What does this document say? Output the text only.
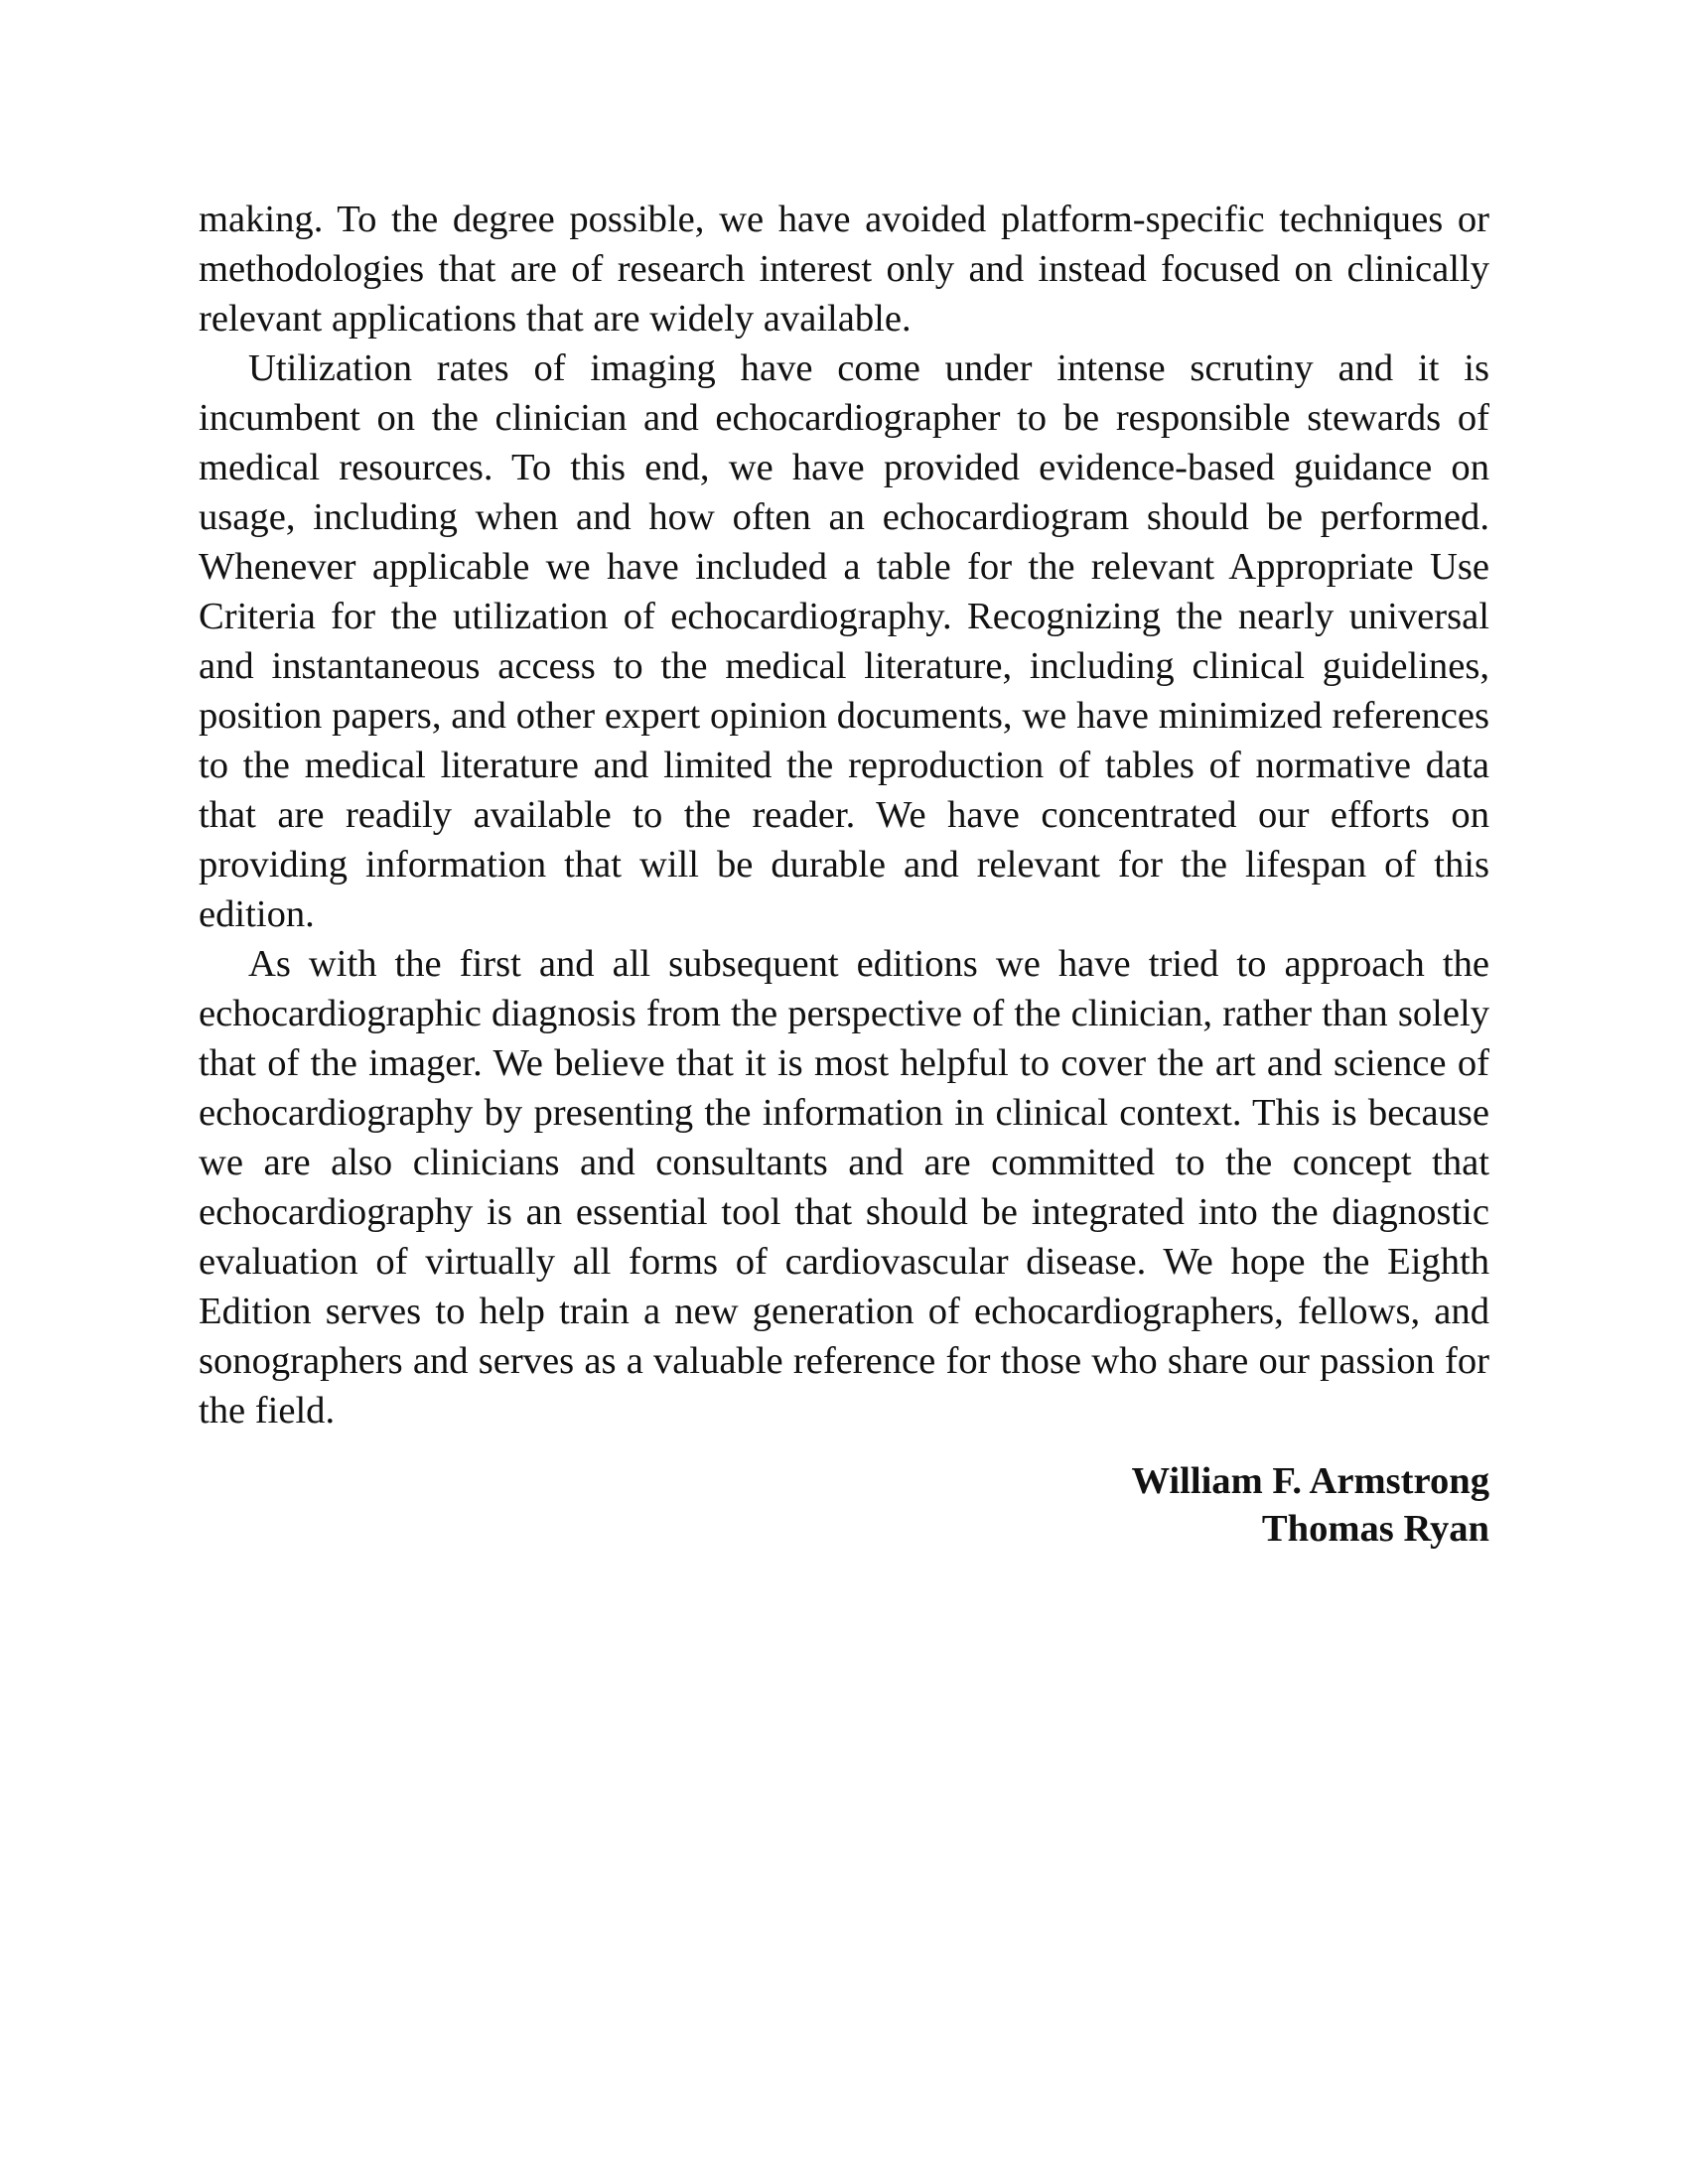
making. To the degree possible, we have avoided platform-specific techniques or methodologies that are of research interest only and instead focused on clinically relevant applications that are widely available.

Utilization rates of imaging have come under intense scrutiny and it is incumbent on the clinician and echocardiographer to be responsible stewards of medical resources. To this end, we have provided evidence-based guidance on usage, including when and how often an echocardiogram should be performed. Whenever applicable we have included a table for the relevant Appropriate Use Criteria for the utilization of echocardiography. Recognizing the nearly universal and instantaneous access to the medical literature, including clinical guidelines, position papers, and other expert opinion documents, we have minimized references to the medical literature and limited the reproduction of tables of normative data that are readily available to the reader. We have concentrated our efforts on providing information that will be durable and relevant for the lifespan of this edition.

As with the first and all subsequent editions we have tried to approach the echocardiographic diagnosis from the perspective of the clinician, rather than solely that of the imager. We believe that it is most helpful to cover the art and science of echocardiography by presenting the information in clinical context. This is because we are also clinicians and consultants and are committed to the concept that echocardiography is an essential tool that should be integrated into the diagnostic evaluation of virtually all forms of cardiovascular disease. We hope the Eighth Edition serves to help train a new generation of echocardiographers, fellows, and sonographers and serves as a valuable reference for those who share our passion for the field.

William F. Armstrong
Thomas Ryan
